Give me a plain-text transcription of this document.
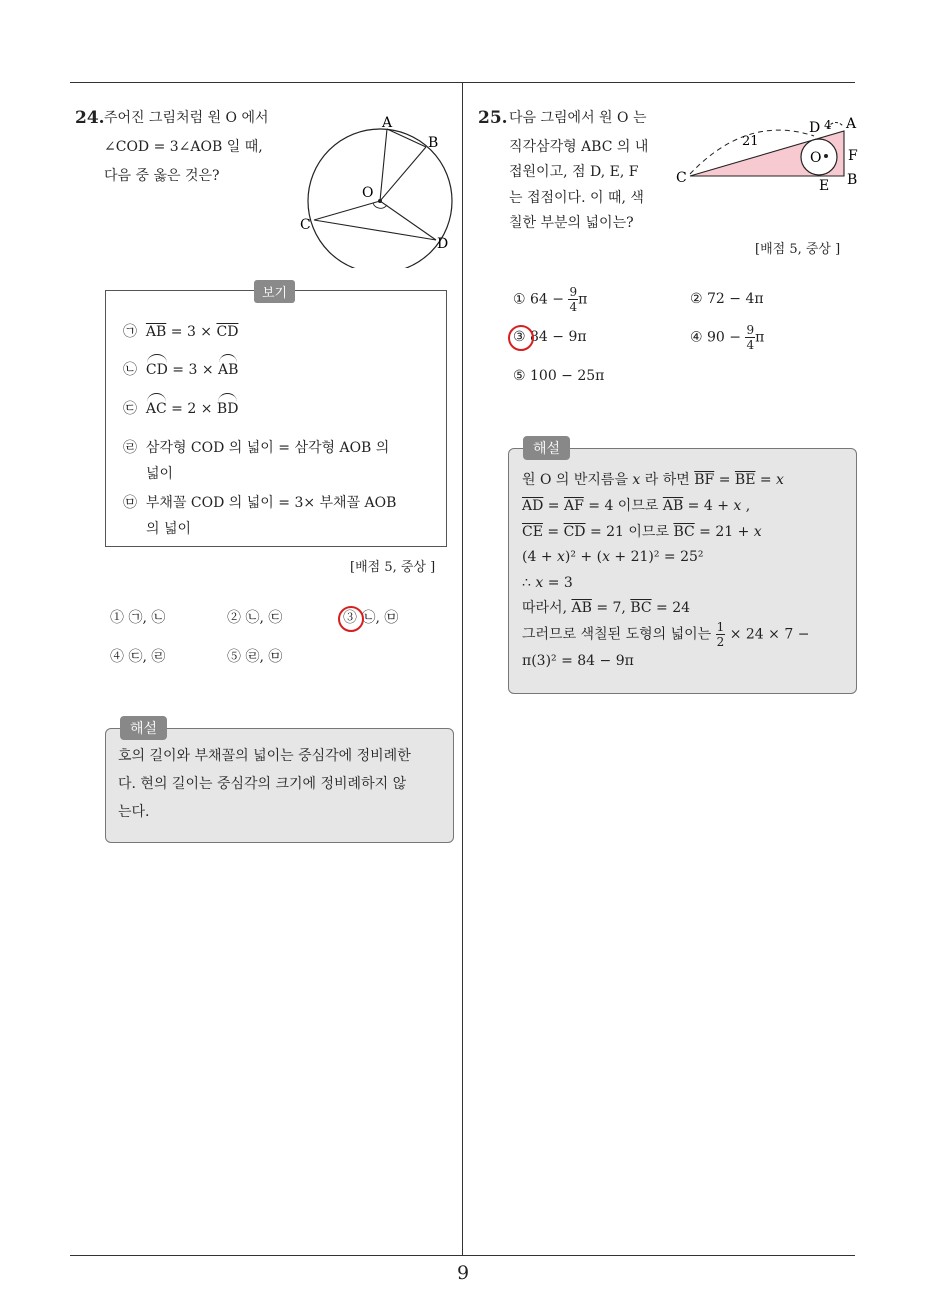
9
24. 주어진 그림처럼 원 O 에서
∠COD = 3∠AOB 일 때,
다음 중 옳은 것은?
A
B
O
C
D
보기
㉠ $\overline{AB} = 3 \times \overline{CD}$
㉡ CD = 3 × AB
㉢ AC = 2 × BD
㉣ 삼각형 COD 의 넓이 = 삼각형 AOB 의
넓이
㉤ 부채꼴 COD 의 넓이 = 3× 부채꼴 AOB
의 넓이
[배점 5, 중상 ]
① ㉠, ㉡	② ㉡, ㉢	③ ㉡, ㉤
④ ㉢, ㉣	⑤ ㉣, ㉤
해설
호의 길이와 부채꼴의 넓이는 중심각에 정비례한
다. 현의 길이는 중심각의 크기에 정비례하지 않
는다.
25. 다음 그림에서 원 O 는
직각삼각형 ABC 의 내
접원이고, 점 D, E, F
는 접점이다. 이 때, 색
칠한 부분의 넓이는?
21
4
D A
O F
C	E B
[배점 5, 중상 ]
① $64 - \frac{9}{4}$ π	② 72 − 4π
③ 84 − 9π	④ $90 - \frac{9}{4}$ π
⑤ 100 − 25π
해설
원 O 의 반지름을 𝑥 라 하면 $\overline{BF} = \overline{BE}$ = 𝑥
$\overline{AD} = \overline{AF} = 4$ 이므로 $\overline{AB} = 4$ + 𝑥 ,
$\overline{CE} = \overline{CD} = 21$ 이므로 $\overline{BC} = 21$ + 𝑥
(4 + 𝑥)² + (𝑥 + 21)² = 25²
∴ 𝑥 = 3
따라서, $\overline{AB} = 7$, $\overline{BC} = 24$
그러므로 색칠된 도형의 넓이는 $\frac{1}{2} \times 24 \times 7$ −
π(3)² = 84 − 9π
